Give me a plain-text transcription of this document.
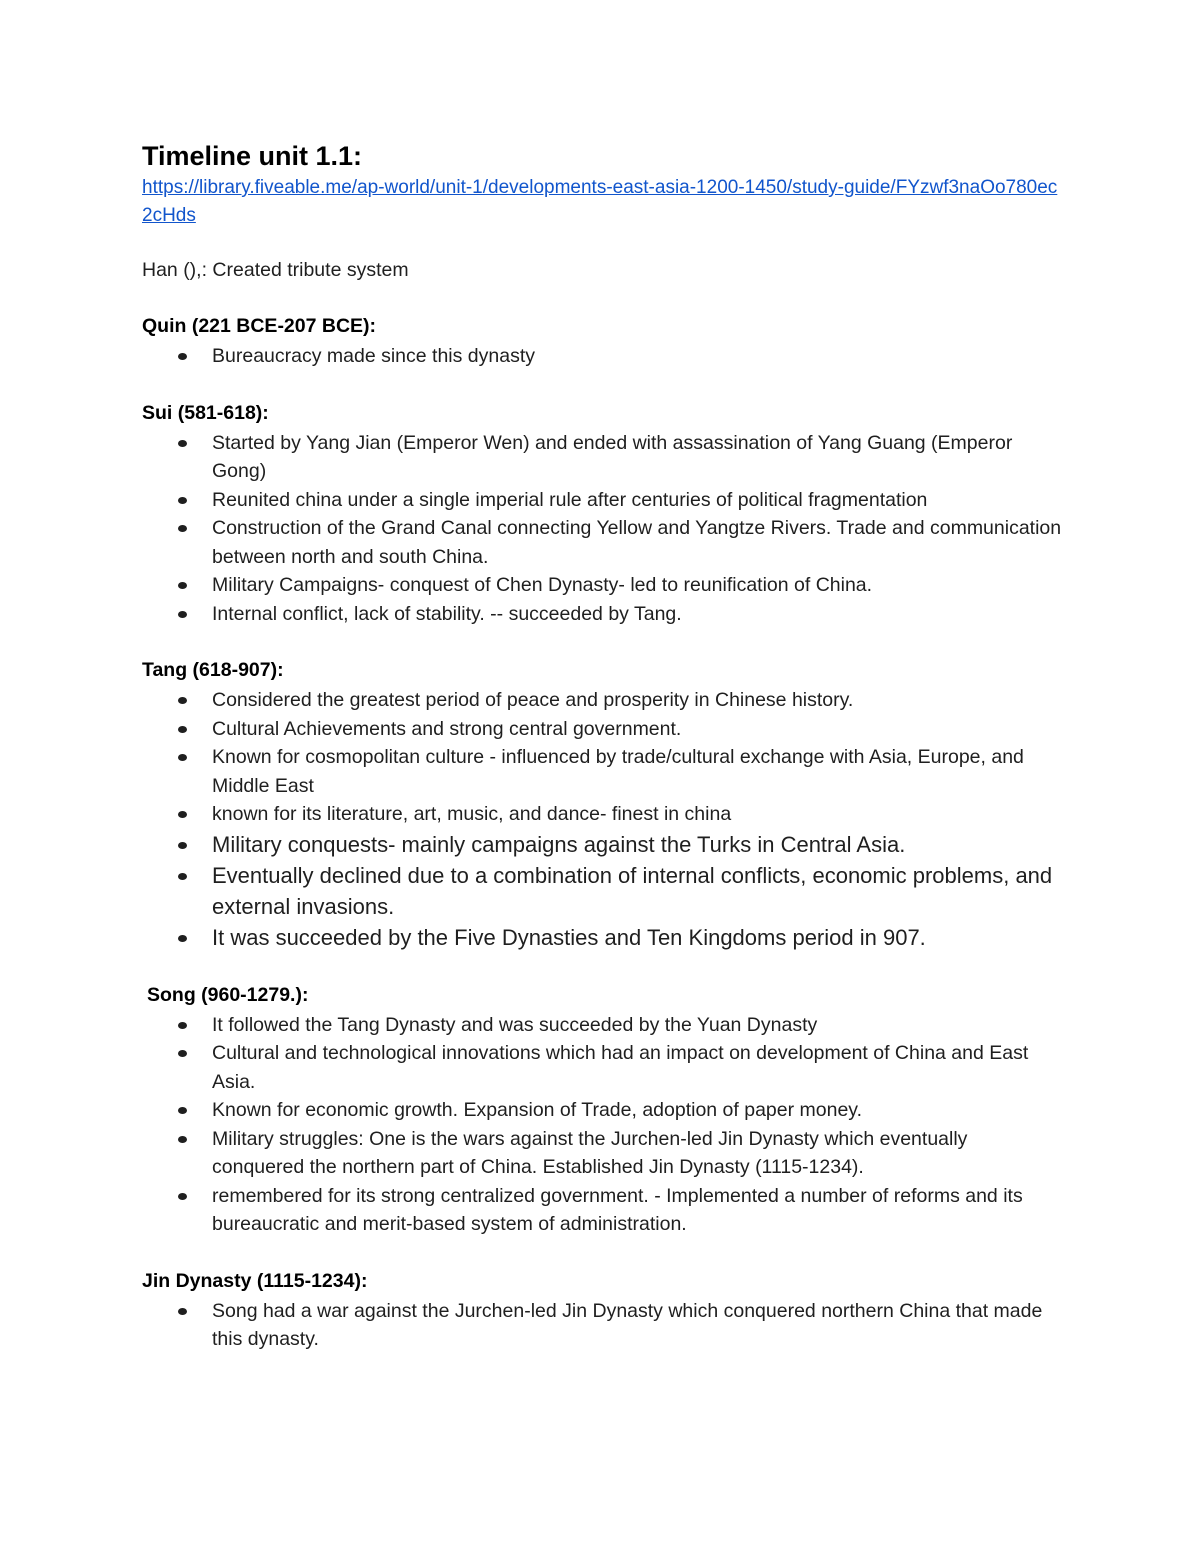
Timeline unit 1.1:
https://library.fiveable.me/ap-world/unit-1/developments-east-asia-1200-1450/study-guide/FYzwf3naOo780ec2cHds

Han (),: Created tribute system

Quin (221 BCE-207 BCE):
Bureaucracy made since this dynasty
Sui (581-618):
Started by Yang Jian (Emperor Wen) and ended with assassination of Yang Guang (Emperor Gong)
Reunited china under a single imperial rule after centuries of political fragmentation
Construction of the Grand Canal connecting Yellow and Yangtze Rivers. Trade and communication between north and south China.
Military Campaigns- conquest of Chen Dynasty- led to reunification of China.
Internal conflict, lack of stability. -- succeeded by Tang.
Tang (618-907):
Considered the greatest period of peace and prosperity in Chinese history.
Cultural Achievements and strong central government.
Known for cosmopolitan culture - influenced by trade/cultural exchange with Asia, Europe, and Middle East
known for its literature, art, music, and dance- finest in china
Military conquests- mainly campaigns against the Turks in Central Asia.
Eventually declined due to a combination of internal conflicts, economic problems, and external invasions.
It was succeeded by the Five Dynasties and Ten Kingdoms period in 907.
Song (960-1279.):
It followed the Tang Dynasty and was succeeded by the Yuan Dynasty
Cultural and technological innovations which had an impact on development of China and East Asia.
Known for economic growth. Expansion of Trade, adoption of paper money.
Military struggles: One is the wars against the Jurchen-led Jin Dynasty which eventually conquered the northern part of China. Established Jin Dynasty (1115-1234).
remembered for its strong centralized government. - Implemented a number of reforms and its bureaucratic and merit-based system of administration.
Jin Dynasty (1115-1234):
Song had a war against the Jurchen-led Jin Dynasty which conquered northern China that made this dynasty.
